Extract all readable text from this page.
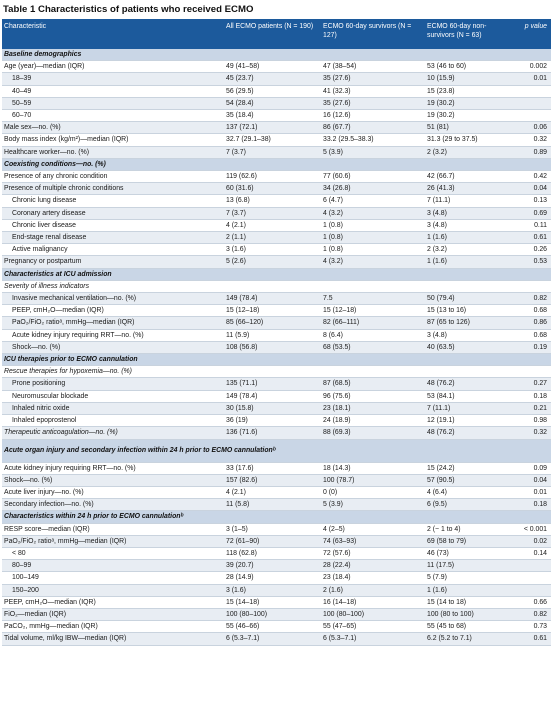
Table 1 Characteristics of patients who received ECMO
Characteristic	All ECMO patients (N = 190)	ECMO 60-day survivors (N = 127)	ECMO 60-day non-survivors (N = 63)	p value
Baseline demographics				
Age (year)—median (IQR)	49 (41–58)	47 (38–54)	53 (46 to 60)	0.002
18–39	45 (23.7)	35 (27.6)	10 (15.9)	0.01
40–49	56 (29.5)	41 (32.3)	15 (23.8)	
50–59	54 (28.4)	35 (27.6)	19 (30.2)	
60–70	35 (18.4)	16 (12.6)	19 (30.2)	
Male sex—no. (%)	137 (72.1)	86 (67.7)	51 (81)	0.06
Body mass index (kg/m²)—median (IQR)	32.7 (29.1–38)	33.2 (29.5–38.3)	31.3 (29 to 37.5)	0.32
Healthcare worker—no. (%)	7 (3.7)	5 (3.9)	2 (3.2)	0.89
Coexisting conditions—no. (%)				
Presence of any chronic condition	119 (62.6)	77 (60.6)	42 (66.7)	0.42
Presence of multiple chronic conditions	60 (31.6)	34 (26.8)	26 (41.3)	0.04
Chronic lung disease	13 (6.8)	6 (4.7)	7 (11.1)	0.13
Coronary artery disease	7 (3.7)	4 (3.2)	3 (4.8)	0.69
Chronic liver disease	4 (2.1)	1 (0.8)	3 (4.8)	0.11
End-stage renal disease	2 (1.1)	1 (0.8)	1 (1.6)	0.61
Active malignancy	3 (1.6)	1 (0.8)	2 (3.2)	0.26
Pregnancy or postpartum	5 (2.6)	4 (3.2)	1 (1.6)	0.53
Characteristics at ICU admission				
Severity of illness indicators				
Invasive mechanical ventilation—no. (%)	149 (78.4)	7.5	50 (79.4)	0.82
PEEP, cmH₂O—median (IQR)	15 (12–18)	15 (12–18)	15 (13 to 16)	0.68
PaO₂/FiO₂ ratioᵃ, mmHg—median (IQR)	85 (66–120)	82 (66–111)	87 (65 to 126)	0.86
Acute kidney injury requiring RRT—no. (%)	11 (5.9)	8 (6.4)	3 (4.8)	0.68
Shock—no. (%)	108 (56.8)	68 (53.5)	40 (63.5)	0.19
ICU therapies prior to ECMO cannulation				
Rescue therapies for hypoxemia—no. (%)				
Prone positioning	135 (71.1)	87 (68.5)	48 (76.2)	0.27
Neuromuscular blockade	149 (78.4)	96 (75.6)	53 (84.1)	0.18
Inhaled nitric oxide	30 (15.8)	23 (18.1)	7 (11.1)	0.21
Inhaled epoprostenol	36 (19)	24 (18.9)	12 (19.1)	0.98
Therapeutic anticoagulation—no. (%)	136 (71.6)	88 (69.3)	48 (76.2)	0.32
Acute organ injury and secondary infection within 24 h prior to ECMO cannulationᵇ				
Acute kidney injury requiring RRT—no. (%)	33 (17.6)	18 (14.3)	15 (24.2)	0.09
Shock—no. (%)	157 (82.6)	100 (78.7)	57 (90.5)	0.04
Acute liver injury—no. (%)	4 (2.1)	0 (0)	4 (6.4)	0.01
Secondary infection—no. (%)	11 (5.8)	5 (3.9)	6 (9.5)	0.18
Characteristics within 24 h prior to ECMO cannulationᵇ				
RESP score—median (IQR)	3 (1–5)	4 (2–5)	2 (− 1 to 4)	< 0.001
PaO₂/FiO₂ ratioᵃ, mmHg—median (IQR)	72 (61–90)	74 (63–93)	69 (58 to 79)	0.02
< 80	118 (62.8)	72 (57.6)	46 (73)	0.14
80–99	39 (20.7)	28 (22.4)	11 (17.5)	
100–149	28 (14.9)	23 (18.4)	5 (7.9)	
150–200	3 (1.6)	2 (1.6)	1 (1.6)	
PEEP, cmH₂O—median (IQR)	15 (14–18)	16 (14–18)	15 (14 to 18)	0.66
FiO₂—median (IQR)	100 (80–100)	100 (80–100)	100 (80 to 100)	0.82
PaCO₂, mmHg—median (IQR)	55 (46–66)	55 (47–65)	55 (45 to 68)	0.73
Tidal volume, ml/kg IBW—median (IQR)	6 (5.3–7.1)	6 (5.3–7.1)	6.2 (5.2 to 7.1)	0.61
